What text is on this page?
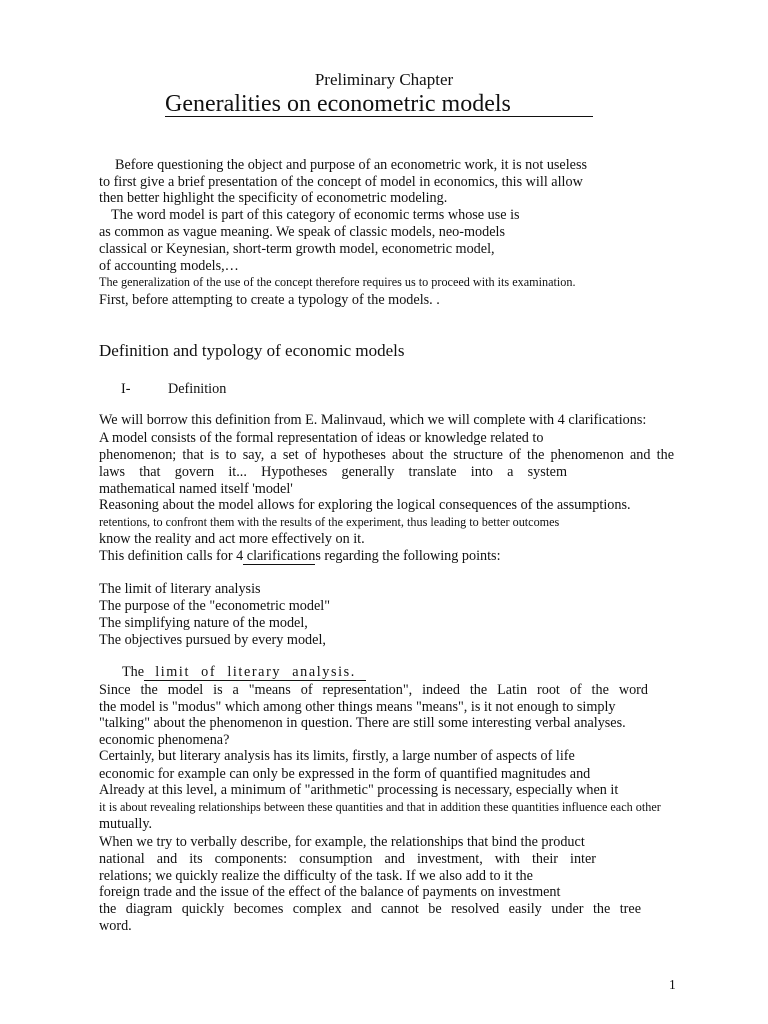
Preliminary Chapter
Generalities on econometric models
Before questioning the object and purpose of an econometric work, it is not useless
to first give a brief presentation of the concept of model in economics, this will allow
then better highlight the specificity of econometric modeling.
The word model is part of this category of economic terms whose use is
as common as vague meaning. We speak of classic models, neo-models
classical or Keynesian, short-term growth model, econometric model,
of accounting models,…
The generalization of the use of the concept therefore requires us to proceed with its examination.
First, before attempting to create a typology of the models. .
Definition and typology of economic models
I-	Definition
We will borrow this definition from E. Malinvaud, which we will complete with 4 clarifications:
A model consists of the formal representation of ideas or knowledge related to
phenomenon; that is to say, a set of hypotheses about the structure of the phenomenon and the
laws that govern it... Hypotheses generally translate into a system
mathematical named itself 'model'
Reasoning about the model allows for exploring the logical consequences of the assumptions.
retentions, to confront them with the results of the experiment, thus leading to better outcomes
know the reality and act more effectively on it.
This definition calls for 4 clarifications regarding the following points:
The limit of literary analysis
The purpose of the "econometric model"
The simplifying nature of the model,
The objectives pursued by every model,
The limit of literary analysis.
Since the model is a "means of representation", indeed the Latin root of the word
the model is "modus" which among other things means "means", is it not enough to simply
"talking" about the phenomenon in question. There are still some interesting verbal analyses.
economic phenomena?
Certainly, but literary analysis has its limits, firstly, a large number of aspects of life
economic for example can only be expressed in the form of quantified magnitudes and
Already at this level, a minimum of "arithmetic" processing is necessary, especially when it
it is about revealing relationships between these quantities and that in addition these quantities influence each other
mutually.
When we try to verbally describe, for example, the relationships that bind the product
national and its components: consumption and investment, with their inter
relations; we quickly realize the difficulty of the task. If we also add to it the
foreign trade and the issue of the effect of the balance of payments on investment
the diagram quickly becomes complex and cannot be resolved easily under the tree
word.
1
